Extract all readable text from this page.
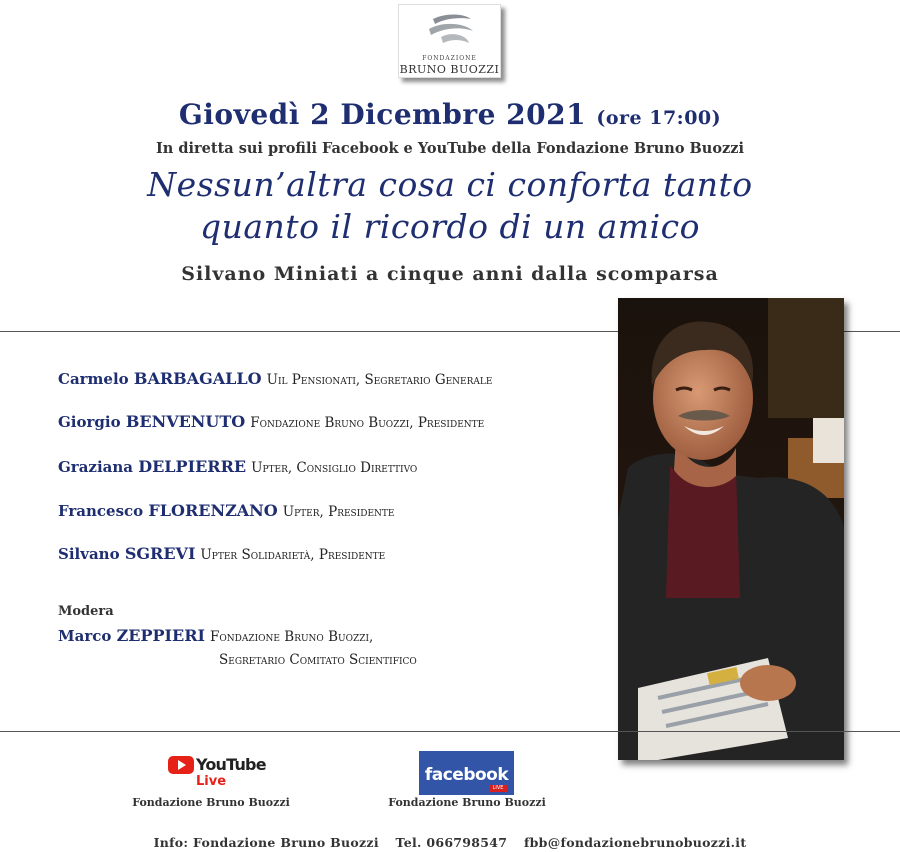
FONDAZIONE
BRUNO BUOZZI
Giovedì 2 Dicembre 2021 (ore 17:00)
In diretta sui profili Facebook e YouTube della Fondazione Bruno Buozzi
Nessun’altra cosa ci conforta tanto
quanto il ricordo di un amico
Silvano Miniati a cinque anni dalla scomparsa
Carmelo BARBAGALLO Uil Pensionati, Segretario Generale
Giorgio BENVENUTO Fondazione Bruno Buozzi, Presidente
Graziana DELPIERRE Upter, Consiglio Direttivo
Francesco FLORENZANO Upter, Presidente
Silvano SGREVI Upter Solidarietà, Presidente
Modera
Marco ZEPPIERI Fondazione Bruno Buozzi,
Segretario Comitato Scientifico
YouTube
Live
Fondazione Bruno Buozzi
facebook
LIVE
Fondazione Bruno Buozzi
Info: Fondazione Bruno Buozzi Tel. 066798547 fbb@fondazionebrunobuozzi.it
